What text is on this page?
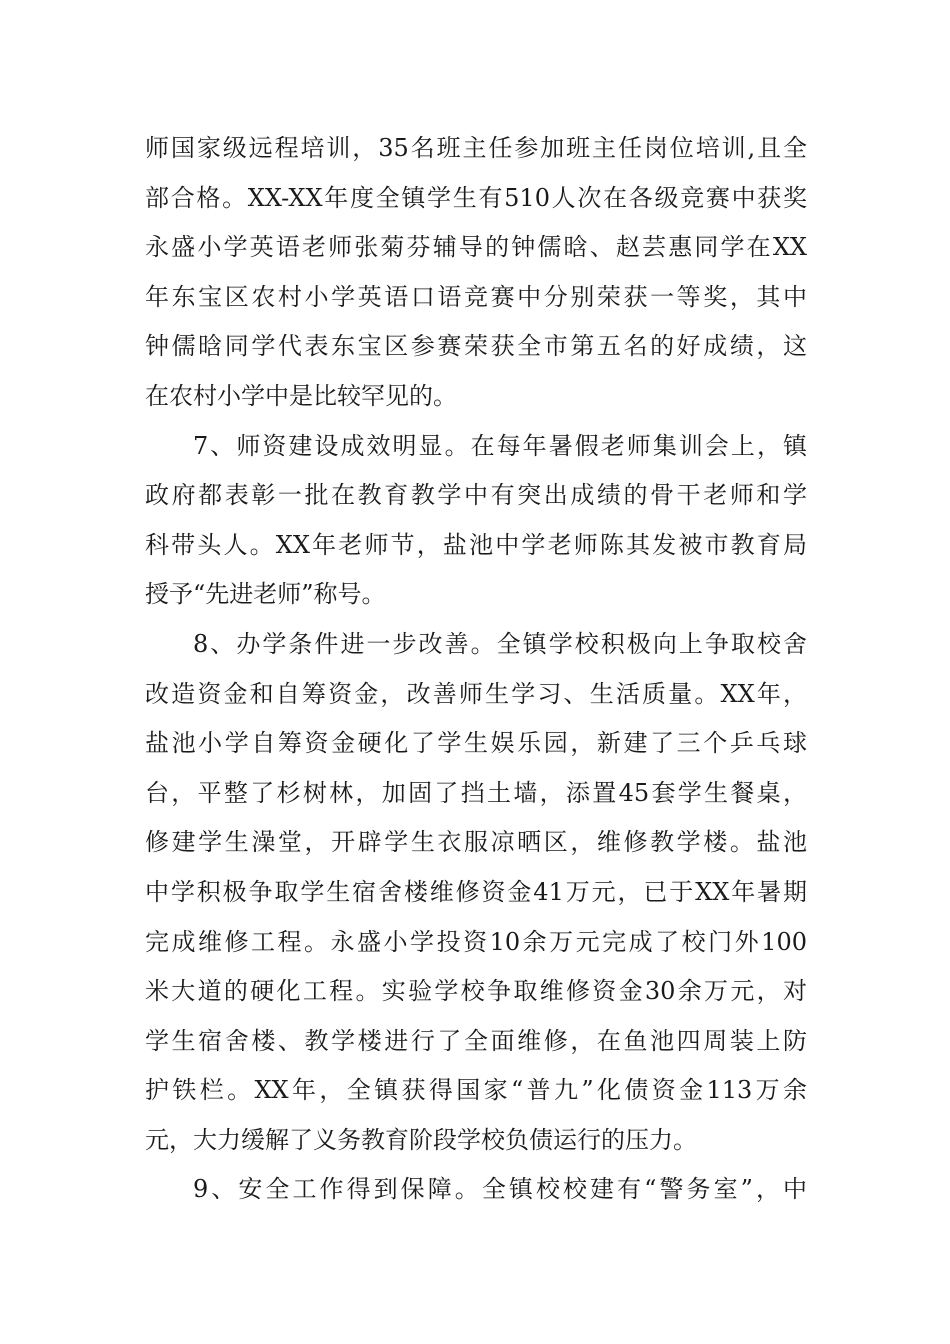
师国家级远程培训，35名班主任参加班主任岗位培训,且全
部合格。XX-XX年度全镇学生有510人次在各级竞赛中获奖
永盛小学英语老师张菊芬辅导的钟儒晗、赵芸惠同学在XX
年东宝区农村小学英语口语竞赛中分别荣获一等奖，其中
钟儒晗同学代表东宝区参赛荣获全市第五名的好成绩，这
在农村小学中是比较罕见的。
7、师资建设成效明显。在每年暑假老师集训会上，镇
政府都表彰一批在教育教学中有突出成绩的骨干老师和学
科带头人。XX年老师节，盐池中学老师陈其发被市教育局
授予“先进老师”称号。
8、办学条件进一步改善。全镇学校积极向上争取校舍
改造资金和自筹资金，改善师生学习、生活质量。XX年，
盐池小学自筹资金硬化了学生娱乐园，新建了三个乒乓球
台，平整了杉树林，加固了挡土墙，添置45套学生餐桌，
修建学生澡堂，开辟学生衣服凉晒区，维修教学楼。盐池
中学积极争取学生宿舍楼维修资金41万元，已于XX年暑期
完成维修工程。永盛小学投资10余万元完成了校门外100
米大道的硬化工程。实验学校争取维修资金30余万元，对
学生宿舍楼、教学楼进行了全面维修，在鱼池四周装上防
护铁栏。XX年，全镇获得国家“普九”化债资金113万余
元，大力缓解了义务教育阶段学校负债运行的压力。
9、安全工作得到保障。全镇校校建有“警务室”，中
